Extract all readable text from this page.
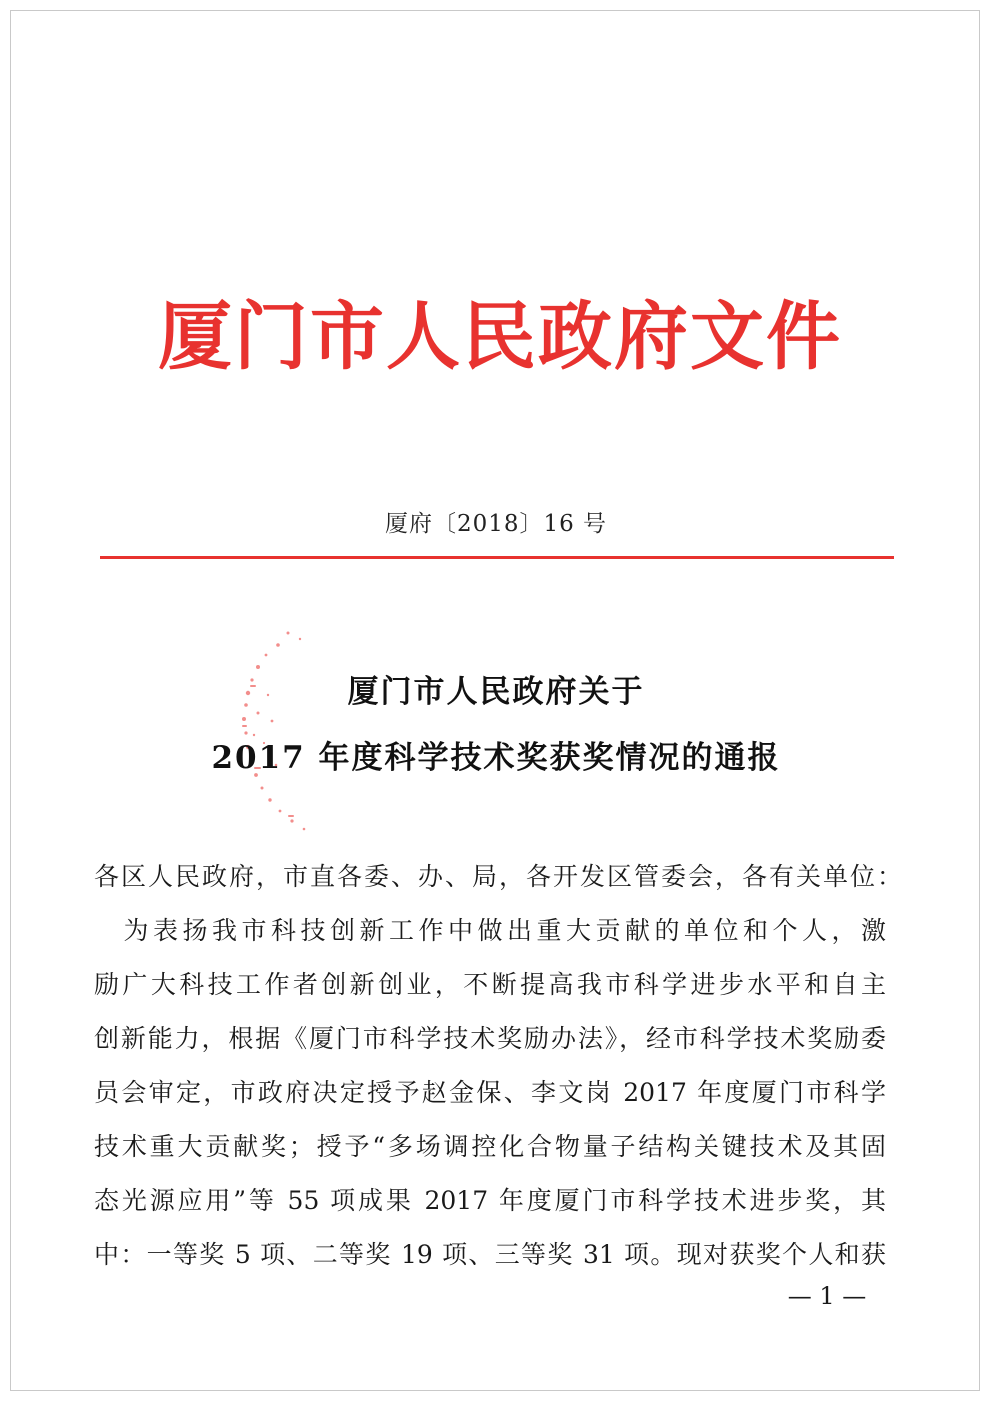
厦门市人民政府文件
厦府〔2018〕16 号
厦门市人民政府关于
2017 年度科学技术奖获奖情况的通报
各区人民政府，市直各委、办、局，各开发区管委会，各有关单位：
　为表扬我市科技创新工作中做出重大贡献的单位和个人，激
励广大科技工作者创新创业，不断提高我市科学进步水平和自主
创新能力，根据《厦门市科学技术奖励办法》，经市科学技术奖励委
员会审定，市政府决定授予赵金保、李文岗 2017 年度厦门市科学
技术重大贡献奖；授予“多场调控化合物量子结构关键技术及其固
态光源应用”等 55 项成果 2017 年度厦门市科学技术进步奖，其
中：一等奖 5 项、二等奖 19 项、三等奖 31 项。现对获奖个人和获
— 1 —
